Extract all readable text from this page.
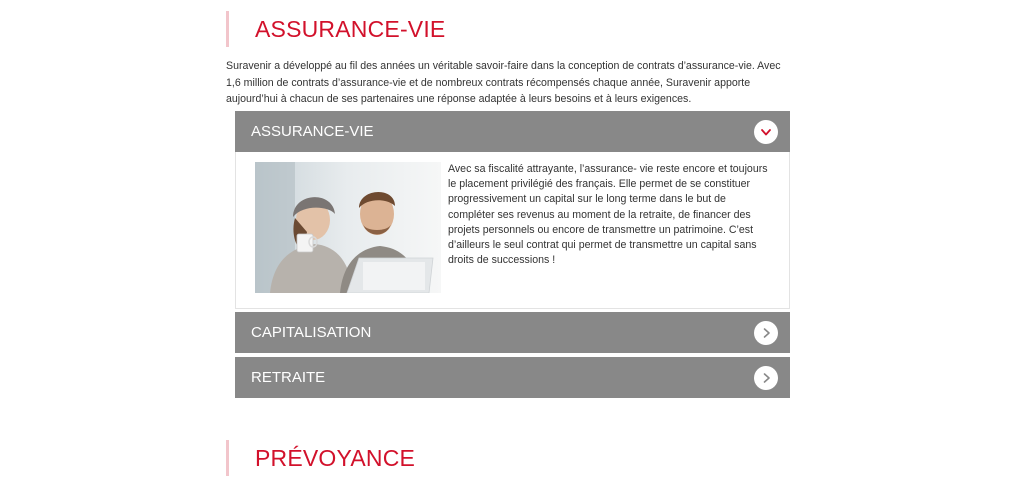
ASSURANCE-VIE

Suravenir a développé au fil des années un véritable savoir-faire dans la conception de contrats d’assurance-vie. Avec 1,6 million de contrats d’assurance-vie et de nombreux contrats récompensés chaque année, Suravenir apporte aujourd’hui à chacun de ses partenaires une réponse adaptée à leurs besoins et à leurs exigences.

ASSURANCE-VIE

Avec sa fiscalité attrayante, l’assurance- vie reste encore et toujours le placement privilégié des français. Elle permet de se constituer progressivement un capital sur le long terme dans le but de compléter ses revenus au moment de la retraite, de financer des projets personnels ou encore de transmettre un patrimoine. C’est d’ailleurs le seul contrat qui permet de transmettre un capital sans droits de successions !

CAPITALISATION
RETRAITE
PRÉVOYANCE
